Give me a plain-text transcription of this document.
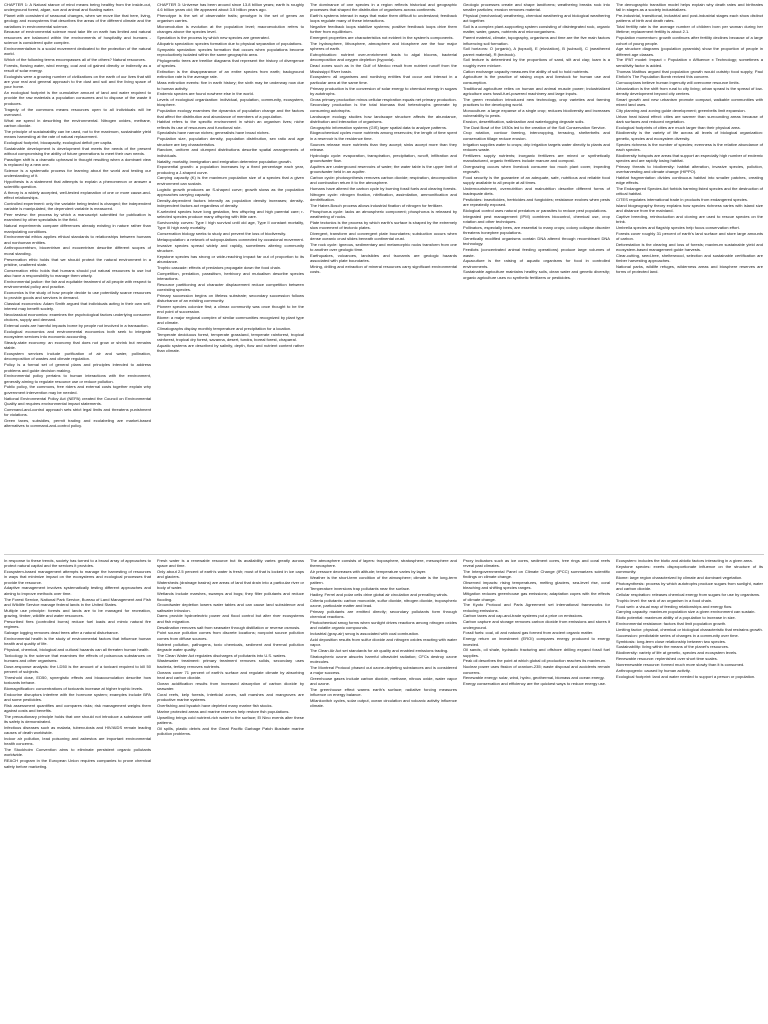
CHAPTER 1: A Natural stance of mind means being healthy from the inside-out, underground forest, algae, sun and animal and floating water.
Planet with consistent of seasonal changes, when we move like that here, living, geology and ecosystems that describes the areas of the different climate and the variations in environmental science.
Because of environmental science must take life on earth has limited and natural resources are balanced within the environments of hospitality and humans - science is considered quite complex.
Environmentalism is a social movement dedicated to the protection of the natural world.
Which of the following terms encompasses all of the others? Natural resources.
Forests, flowing water, wind energy, coal and oil gained directly or indirectly as a result of solar energy.
Ecologists were a growing number of civilizations on the earth of our lives that still are your real and general approach to the dust and soil and the living space of your home.
An ecological footprint is the cumulative amount of land and water required to provide the raw materials a population consumes and to dispose of the waste it produces.
Tragedy of the commons means resources open to all individuals will be overused.
What we spend in describing the environmental. Nitrogen oxides, methane, carbon dioxide.
The principle of sustainability can be used, not to the maximum, sustainable yield means harvesting at the rate of natural replacement.
Ecological footprint, biocapacity, ecological deficit per capita.
Sustainable development is development that meets the needs of the present without compromising the ability of future generations to meet their own needs.
Paradigm shift is a dramatic upheaval in thought resulting when a dominant view is replaced by a new one.
Science is a systematic process for learning about the world and testing our understanding of it.
Hypothesis is a statement that attempts to explain a phenomenon or answer a scientific question.
A theory is a widely accepted, well-tested explanation of one or more cause-and-effect relationships.
Controlled experiment: only the variable being tested is changed; the independent variable is manipulated, the dependent variable is measured.
Peer review: the process by which a manuscript submitted for publication is examined by other specialists in the field.
Natural experiments compare differences already existing in nature rather than manipulating conditions.
Environmental ethics applies ethical standards to relationships between humans and nonhuman entities.
Anthropocentrism, biocentrism and ecocentrism describe different scopes of moral standing.
Preservation ethic holds that we should protect the natural environment in a pristine, unaltered state.
Conservation ethic holds that humans should put natural resources to use but also have a responsibility to manage them wisely.
Environmental justice: the fair and equitable treatment of all people with respect to environmental policy and practice.
Economics is the study of how people decide to use potentially scarce resources to provide goods and services in demand.
Classical economics: Adam Smith argued that individuals acting in their own self-interest may benefit society.
Neoclassical economics: examines the psychological factors underlying consumer choices, supply and demand.
External costs are harmful impacts borne by people not involved in a transaction.
Ecological economics and environmental economics both seek to integrate ecosystem services into economic accounting.
Steady-state economy: an economy that does not grow or shrink but remains stable.
Ecosystem services include purification of air and water, pollination, decomposition of wastes and climate regulation.
Policy is a formal set of general plans and principles intended to address problems and guide decision making.
Environmental policy pertains to human interactions with the environment, generally aiming to regulate resource use or reduce pollution.
Public policy, the commons, free riders and external costs together explain why government intervention may be needed.
National Environmental Policy Act (NEPA) created the Council on Environmental Quality and requires environmental impact statements.
Command-and-control approach sets strict legal limits and threatens punishment for violations.
Green taxes, subsidies, permit trading and ecolabeling are market-based alternatives to command-and-control policy.
CHAPTER 3: Universe has been around since 13.8 billion years; earth is roughly 4.6 billion years old; life appeared about 3.5 billion years ago.
Phenotype is the set of observable traits; genotype is the set of genes an organism carries.
Microevolution is evolution at the population level; macroevolution refers to changes above the species level.
Speciation is the process by which new species are generated.
Allopatric speciation: species formation due to physical separation of populations.
Sympatric speciation: species formation that occurs when populations become reproductively isolated within the same geographic area.
Phylogenetic trees are treelike diagrams that represent the history of divergence of species.
Extinction is the disappearance of an entire species from earth; background extinction rate is the average rate.
Mass extinction events: five in earth history; the sixth may be underway now due to human activity.
Endemic species are found nowhere else in the world.
Levels of ecological organization: individual, population, community, ecosystem, biosphere.
Population ecology examines the dynamics of population change and the factors that affect the distribution and abundance of members of a population.
Habitat refers to the specific environment in which an organism lives; niche reflects its use of resources and functional role.
Specialists have narrow niches; generalists have broad niches.
Population size, population density, population distribution, sex ratio and age structure are key characteristics.
Random, uniform and clumped distributions describe spatial arrangements of individuals.
Natality, mortality, immigration and emigration determine population growth.
Exponential growth: a population increases by a fixed percentage each year, producing a J-shaped curve.
Carrying capacity (K) is the maximum population size of a species that a given environment can sustain.
Logistic growth produces an S-shaped curve; growth slows as the population approaches carrying capacity.
Density-dependent factors intensify as population density increases; density-independent factors act regardless of density.
K-selected species have long gestation, few offspring and high parental care; r-selected species produce many offspring with little care.
Survivorship curves: Type I high survival until old age, Type II constant mortality, Type III high early mortality.
Conservation biology seeks to study and prevent the loss of biodiversity.
Metapopulation: a network of subpopulations connected by occasional movement.
Invasive species spread widely and rapidly, sometimes altering community structure.
Keystone species has strong or wide-reaching impact far out of proportion to its abundance.
Trophic cascade: effects of predators propagate down the food chain.
Competition, predation, parasitism, herbivory and mutualism describe species interactions.
Resource partitioning and character displacement reduce competition between coexisting species.
Primary succession begins on lifeless substrate; secondary succession follows disturbance of an existing community.
Pioneer species colonize first; a climax community was once thought to be the end point of succession.
Biome: a major regional complex of similar communities recognized by plant type and climate.
Climatographs display monthly temperature and precipitation for a location.
Temperate deciduous forest, temperate grassland, temperate rainforest, tropical rainforest, tropical dry forest, savanna, desert, tundra, boreal forest, chaparral.
Aquatic systems are described by salinity, depth, flow and nutrient content rather than climate.
The dominance of one species in a region reflects historical and geographic processes that shaped the distribution of organisms across continents.
Earth's systems interact in ways that make them difficult to understand; feedback loops regulate many of these interactions.
Negative feedback loops stabilize systems; positive feedback loops drive them further from equilibrium.
Emergent properties are characteristics not evident in the system's components.
The hydrosphere, lithosphere, atmosphere and biosphere are the four major spheres of earth.
Eutrophication: nutrient over-enrichment leads to algal blooms, bacterial decomposition and oxygen depletion (hypoxia).
Dead zones such as in the Gulf of Mexico result from nutrient runoff from the Mississippi River basin.
Ecosystem: all organisms and nonliving entities that occur and interact in a particular area at the same time.
Primary production is the conversion of solar energy to chemical energy in sugars by autotrophs.
Gross primary production minus cellular respiration equals net primary production.
Secondary production is the total biomass that heterotrophs generate by consuming autotrophs.
Landscape ecology studies how landscape structure affects the abundance, distribution and interaction of organisms.
Geographic information systems (GIS) layer spatial data to analyze patterns.
Biogeochemical cycles move nutrients among reservoirs; the length of time spent in a reservoir is the residence time.
Sources release more nutrients than they accept; sinks accept more than they release.
Hydrologic cycle: evaporation, transpiration, precipitation, runoff, infiltration and groundwater flow.
Aquifers are underground reservoirs of water; the water table is the upper limit of groundwater held in an aquifer.
Carbon cycle: photosynthesis removes carbon dioxide; respiration, decomposition and combustion return it to the atmosphere.
Humans have altered the carbon cycle by burning fossil fuels and clearing forests.
Nitrogen cycle: nitrogen fixation, nitrification, assimilation, ammonification and denitrification.
The Haber-Bosch process allows industrial fixation of nitrogen for fertilizer.
Phosphorus cycle: lacks an atmospheric component; phosphorus is released by weathering of rocks.
Plate tectonics is the process by which earth's surface is shaped by the extremely slow movement of tectonic plates.
Divergent, transform and convergent plate boundaries; subduction occurs when dense oceanic crust slides beneath continental crust.
The rock cycle: igneous, sedimentary and metamorphic rocks transform from one to another over geologic time.
Earthquakes, volcanoes, landslides and tsunamis are geologic hazards associated with plate boundaries.
Mining, drilling and extraction of mineral resources carry significant environmental costs.
Geologic processes create and shape landforms; weathering breaks rock into smaller particles; erosion removes material.
Physical (mechanical) weathering, chemical weathering and biological weathering act together.
Soil is a complex plant-supporting system consisting of disintegrated rock, organic matter, water, gases, nutrients and microorganisms.
Parent material, climate, topography, organisms and time are the five main factors influencing soil formation.
Soil horizons: O (organic), A (topsoil), E (eluviation), B (subsoil), C (weathered parent material), R (bedrock).
Soil texture is determined by the proportions of sand, silt and clay; loam is a roughly even mixture.
Cation exchange capacity measures the ability of soil to hold nutrients.
Agriculture is the practice of raising crops and livestock for human use and consumption.
Traditional agriculture relies on human and animal muscle power; industrialized agriculture uses fossil-fuel-powered machinery and large inputs.
The green revolution introduced new technology, crop varieties and farming practices to the developing world.
Monoculture: a large expanse of a single crop; reduces biodiversity and increases vulnerability to pests.
Erosion, desertification, salinization and waterlogging degrade soils.
The Dust Bowl of the 1930s led to the creation of the Soil Conservation Service.
Crop rotation, contour farming, intercropping, terracing, shelterbelts and conservation tillage reduce erosion.
Irrigation supplies water to crops; drip irrigation targets water directly to plants and reduces waste.
Fertilizers supply nutrients; inorganic fertilizers are mined or synthetically manufactured, organic fertilizers include manure and compost.
Overgrazing occurs when livestock consume too much plant cover, impeding regrowth.
Food security is the guarantee of an adequate, safe, nutritious and reliable food supply available to all people at all times.
Undernourishment, overnutrition and malnutrition describe different forms of inadequate diets.
Pesticides: insecticides, herbicides and fungicides; resistance evolves when pests are repeatedly exposed.
Biological control uses natural predators or parasites to reduce pest populations.
Integrated pest management (IPM) combines biocontrol, chemical use, crop rotation and other techniques.
Pollinators, especially bees, are essential to many crops; colony collapse disorder threatens honeybee populations.
Genetically modified organisms contain DNA altered through recombinant DNA technology.
Feedlots (concentrated animal feeding operations) produce large volumes of waste.
Aquaculture is the raising of aquatic organisms for food in controlled environments.
Sustainable agriculture maintains healthy soils, clean water and genetic diversity; organic agriculture uses no synthetic fertilizers or pesticides.
The demographic transition model helps explain why death rates and birthrates fall in stages as a society industrializes.
Pre-industrial, transitional, industrial and post-industrial stages each show distinct patterns of birth and death rates.
Total fertility rate is the average number of children born per woman during her lifetime; replacement fertility is about 2.1.
Population momentum: growth continues after fertility declines because of a large cohort of young people.
Age structure diagrams (population pyramids) show the proportion of people in different age classes.
The IPAT model: Impact = Population x Affluence x Technology; sometimes a sensitivity factor is added.
Thomas Malthus argued that population growth would outstrip food supply; Paul Ehrlich's The Population Bomb revived this concern.
Cornucopians believe human ingenuity will overcome resource limits.
Urbanization is the shift from rural to city living; urban sprawl is the spread of low-density development beyond city centers.
Smart growth and new urbanism promote compact, walkable communities with mixed land uses.
City planning and zoning guide development; greenbelts limit expansion.
Urban heat island effect: cities are warmer than surrounding areas because of dark surfaces and reduced vegetation.
Ecological footprints of cities are much larger than their physical area.
Biodiversity is the variety of life across all levels of biological organization: genetic, species and ecosystem diversity.
Species richness is the number of species; evenness is the relative abundance of each species.
Biodiversity hotspots are areas that support an especially high number of endemic species and are rapidly losing habitat.
Primary threats to biodiversity: habitat alteration, invasive species, pollution, overharvesting and climate change (HIPPO).
Habitat fragmentation divides continuous habitat into smaller patches, creating edge effects.
The Endangered Species Act forbids harming listed species and the destruction of critical habitat.
CITES regulates international trade in products from endangered species.
Island biogeography theory explains how species richness varies with island size and distance from the mainland.
Captive breeding, reintroduction and cloning are used to rescue species on the brink.
Umbrella species and flagship species help focus conservation effort.
Forests cover roughly 31 percent of earth's land surface and store large amounts of carbon.
Deforestation is the clearing and loss of forests; maximum sustainable yield and ecosystem-based management guide harvests.
Clear-cutting, seed-tree, shelterwood, selection and sustainable certification are timber harvesting approaches.
National parks, wildlife refuges, wilderness areas and biosphere reserves are forms of protected land.
In response to these trends, society has turned to a broad array of approaches to protect natural capital and the services it provides.
Ecosystem-based management attempts to manage the harvesting of resources in ways that minimize impact on the ecosystems and ecological processes that provide the resource.
Adaptive management involves systematically testing different approaches and aiming to improve methods over time.
The Forest Service, National Park Service, Bureau of Land Management and Fish and Wildlife Service manage federal lands in the United States.
Multiple use principle: forests and lands are to be managed for recreation, grazing, timber, wildlife and water resources.
Prescribed fires (controlled burns) reduce fuel loads and mimic natural fire regimes.
Salvage logging removes dead trees after a natural disturbance.
Environmental health is the study of environmental factors that influence human health and quality of life.
Physical, chemical, biological and cultural hazards can all threaten human health.
Toxicology is the science that examines the effects of poisonous substances on humans and other organisms.
Dose-response analysis: the LD50 is the amount of a toxicant required to kill 50 percent of subjects.
Threshold dose, ED50, synergistic effects and bioaccumulation describe how toxicants behave.
Biomagnification: concentrations of toxicants increase at higher trophic levels.
Endocrine disruptors interfere with the hormone system; examples include BPA and some pesticides.
Risk assessment quantifies and compares risks; risk management weighs them against costs and benefits.
The precautionary principle holds that one should not introduce a substance until its safety is demonstrated.
Infectious diseases such as malaria, tuberculosis and HIV/AIDS remain leading causes of death worldwide.
Indoor air pollution, lead poisoning and asbestos are important environmental health concerns.
The Stockholm Convention aims to eliminate persistent organic pollutants worldwide.
REACH program in the European Union requires companies to prove chemical safety before marketing.
Fresh water is a renewable resource but its availability varies greatly across space and time.
Only about 2.5 percent of earth's water is fresh; most of that is locked in ice caps and glaciers.
Watersheds (drainage basins) are areas of land that drain into a particular river or body of water.
Wetlands include marshes, swamps and bogs; they filter pollutants and reduce flooding.
Groundwater depletion lowers water tables and can cause land subsidence and saltwater intrusion.
Dams provide hydroelectric power and flood control but alter river ecosystems and fish migration.
Desalination removes salt from seawater through distillation or reverse osmosis.
Point source pollution comes from discrete locations; nonpoint source pollution comes from diffuse sources.
Nutrient pollution, pathogens, toxic chemicals, sediment and thermal pollution degrade water quality.
The Clean Water Act regulates discharges of pollutants into U.S. waters.
Wastewater treatment: primary treatment removes solids, secondary uses bacteria, tertiary removes nutrients.
Oceans cover 71 percent of earth's surface and regulate climate by absorbing heat and carbon dioxide.
Ocean acidification results from increased absorption of carbon dioxide by seawater.
Coral reefs, kelp forests, intertidal zones, salt marshes and mangroves are productive marine systems.
Overfishing and bycatch have depleted many marine fish stocks.
Marine protected areas and marine reserves help restore fish populations.
Upwelling brings cold nutrient-rich water to the surface; El Nino events alter these patterns.
Oil spills, plastic debris and the Great Pacific Garbage Patch illustrate marine pollution problems.
The atmosphere consists of layers: troposphere, stratosphere, mesosphere and thermosphere.
Air pressure decreases with altitude; temperature varies by layer.
Weather is the short-term condition of the atmosphere; climate is the long-term pattern.
Temperature inversions trap pollutants near the surface.
Hadley, Ferrel and polar cells drive global air circulation and prevailing winds.
Criteria pollutants: carbon monoxide, sulfur dioxide, nitrogen dioxide, tropospheric ozone, particulate matter and lead.
Primary pollutants are emitted directly; secondary pollutants form through chemical reactions.
Photochemical smog forms when sunlight drives reactions among nitrogen oxides and volatile organic compounds.
Industrial (gray-air) smog is associated with coal combustion.
Acid deposition results from sulfur dioxide and nitrogen oxides reacting with water vapor.
The Clean Air Act set standards for air quality and enabled emissions trading.
Stratospheric ozone absorbs harmful ultraviolet radiation; CFCs destroy ozone molecules.
The Montreal Protocol phased out ozone-depleting substances and is considered a major success.
Greenhouse gases include carbon dioxide, methane, nitrous oxide, water vapor and ozone.
The greenhouse effect warms earth's surface; radiative forcing measures influence on energy balance.
Milankovitch cycles, solar output, ocean circulation and volcanic activity influence climate.
Proxy indicators such as ice cores, sediment cores, tree rings and coral reefs reveal past climates.
The Intergovernmental Panel on Climate Change (IPCC) summarizes scientific findings on climate change.
Observed impacts: rising temperatures, melting glaciers, sea-level rise, coral bleaching and shifting species ranges.
Mitigation reduces greenhouse gas emissions; adaptation copes with the effects of climate change.
The Kyoto Protocol and Paris Agreement set international frameworks for reducing emissions.
Carbon taxes and cap-and-trade systems put a price on emissions.
Carbon capture and storage removes carbon dioxide from emissions and stores it underground.
Fossil fuels: coal, oil and natural gas formed from ancient organic matter.
Energy return on investment (EROI) compares energy produced to energy invested.
Oil sands, oil shale, hydraulic fracturing and offshore drilling expand fossil fuel supplies.
Peak oil describes the point at which global oil production reaches its maximum.
Nuclear power uses fission of uranium-235; waste disposal and accidents remain concerns.
Renewable energy: solar, wind, hydro, geothermal, biomass and ocean energy.
Energy conservation and efficiency are the quickest ways to reduce energy use.
Ecosystem: includes the biotic and abiotic factors interacting in a given area.
Keystone species: exerts disproportionate influence on the structure of its community.
Biome: large region characterized by climate and dominant vegetation.
Photosynthesis: process by which autotrophs produce sugars from sunlight, water and carbon dioxide.
Cellular respiration: releases chemical energy from sugars for use by organisms.
Trophic level: the rank of an organism in a food chain.
Food web: a visual map of feeding relationships and energy flow.
Carrying capacity: maximum population size a given environment can sustain.
Biotic potential: maximum ability of a population to increase in size.
Environmental resistance: factors that limit population growth.
Limiting factor: physical, chemical or biological characteristic that restrains growth.
Succession: predictable series of changes in a community over time.
Symbiosis: long-term close relationship between two species.
Sustainability: living within the means of the planet's resources.
Biodiversity: variety of life at genetic, species and ecosystem levels.
Renewable resource: replenished over short time scales.
Nonrenewable resource: formed much more slowly than it is consumed.
Anthropogenic: caused by human activity.
Ecological footprint: land and water needed to support a person or population.
